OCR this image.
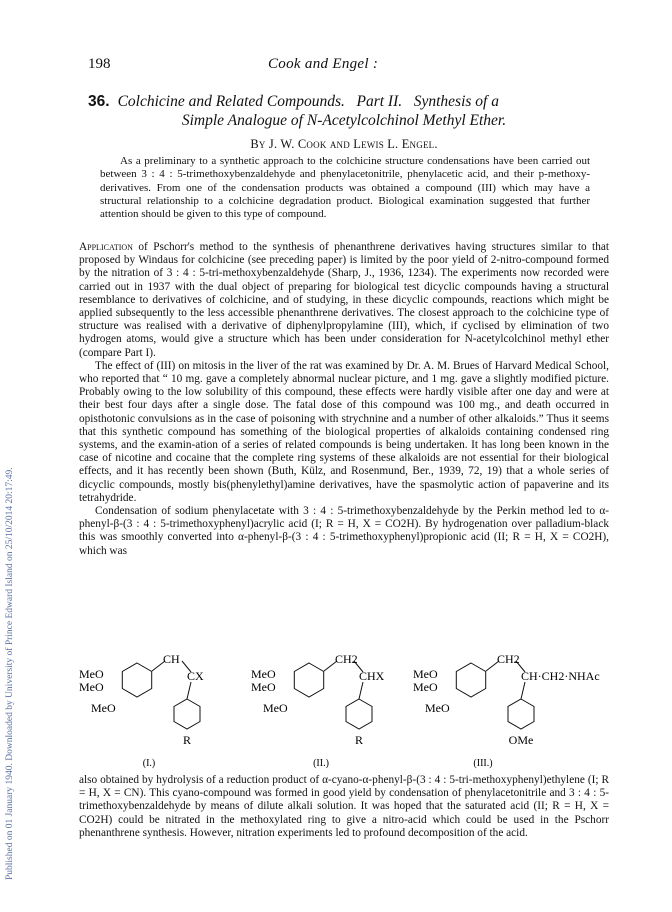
Published on 01 January 1940. Downloaded by University of Prince Edward Island on 25/10/2014 20:17:49.
198	Cook and Engel :
36. Colchicine and Related Compounds.   Part II.   Synthesis of a
Simple Analogue of N-Acetylcolchinol Methyl Ether.
By J. W. Cook and Lewis L. Engel.
As a preliminary to a synthetic approach to the colchicine structure condensations have been carried out between 3 : 4 : 5-trimethoxybenzaldehyde and phenylacetonitrile, phenylacetic acid, and their p-methoxy-derivatives. From one of the condensation products was obtained a compound (III) which may have a structural relationship to a colchicine degradation product. Biological examination suggested that further attention should be given to this type of compound.

Application of Pschorr's method to the synthesis of phenanthrene derivatives having structures similar to that proposed by Windaus for colchicine (see preceding paper) is limited by the poor yield of 2-nitro-compound formed by the nitration of 3 : 4 : 5-tri-methoxybenzaldehyde (Sharp, J., 1936, 1234). The experiments now recorded were carried out in 1937 with the dual object of preparing for biological test dicyclic compounds having a structural resemblance to derivatives of colchicine, and of studying, in these dicyclic compounds, reactions which might be applied subsequently to the less accessible phenanthrene derivatives. The closest approach to the colchicine type of structure was realised with a derivative of diphenylpropylamine (III), which, if cyclised by elimination of two hydrogen atoms, would give a structure which has been under consideration for N-acetylcolchinol methyl ether (compare Part I).

The effect of (III) on mitosis in the liver of the rat was examined by Dr. A. M. Brues of Harvard Medical School, who reported that “ 10 mg. gave a completely abnormal nuclear picture, and 1 mg. gave a slightly modified picture. Probably owing to the low solubility of this compound, these effects were hardly visible after one day and were at their best four days after a single dose. The fatal dose of this compound was 100 mg., and death occurred in opisthotonic convulsions as in the case of poisoning with strychnine and a number of other alkaloids.” Thus it seems that this synthetic compound has something of the biological properties of alkaloids containing condensed ring systems, and the examin-ation of a series of related compounds is being undertaken. It has long been known in the case of nicotine and cocaine that the complete ring systems of these alkaloids are not essential for their biological effects, and it has recently been shown (Buth, Külz, and Rosenmund, Ber., 1939, 72, 19) that a whole series of dicyclic compounds, mostly bis(phenylethyl)amine derivatives, have the spasmolytic action of papaverine and its tetrahydride.

Condensation of sodium phenylacetate with 3 : 4 : 5-trimethoxybenzaldehyde by the Perkin method led to α-phenyl-β-(3 : 4 : 5-trimethoxyphenyl)acrylic acid (I; R = H, X = CO2H). By hydrogenation over palladium-black this was smoothly converted into α-phenyl-β-(3 : 4 : 5-trimethoxyphenyl)propionic acid (II; R = H, X = CO2H), which was

CH
CX
MeO
MeO
MeO
R
(I.)
CH2
CHX
MeO
MeO
MeO
R
(II.)
CH2
CH·CH2·NHAc
MeO
MeO
MeO
OMe
(III.)

also obtained by hydrolysis of a reduction product of α-cyano-α-phenyl-β-(3 : 4 : 5-tri-methoxyphenyl)ethylene (I; R = H, X = CN). This cyano-compound was formed in good yield by condensation of phenylacetonitrile and 3 : 4 : 5-trimethoxybenzaldehyde by means of dilute alkali solution. It was hoped that the saturated acid (II; R = H, X = CO2H) could be nitrated in the methoxylated ring to give a nitro-acid which could be used in the Pschorr phenanthrene synthesis. However, nitration experiments led to profound decomposition of the acid.
